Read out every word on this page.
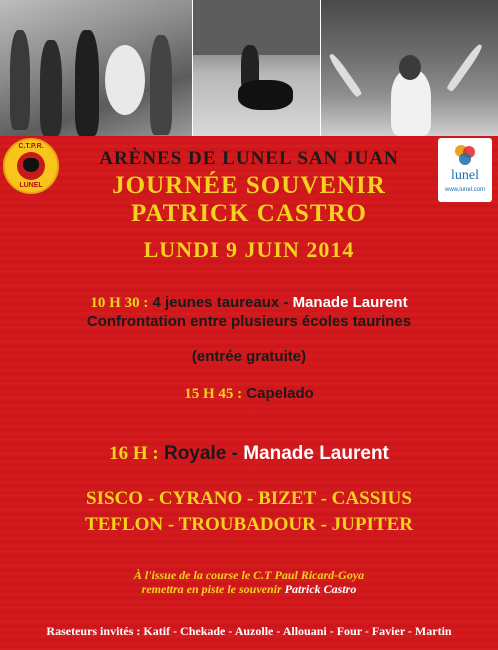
C.T.P.R.
LUNEL
lunel
www.lunel.com

ARÈNES DE LUNEL SAN JUAN

JOURNÉE SOUVENIR

PATRICK CASTRO

LUNDI 9 JUIN 2014

10 H 30 : 4 jeunes taureaux - Manade Laurent

Confrontation entre plusieurs écoles taurines

(entrée gratuite)

15 H 45 : Capelado

16 H : Royale - Manade Laurent

SISCO - CYRANO - BIZET - CASSIUS

TEFLON - TROUBADOUR - JUPITER

À l'issue de la course le C.T Paul Ricard-Goya

remettra en piste le souvenir Patrick Castro

Raseteurs invités : Katif - Chekade - Auzolle - Allouani - Four - Favier - Martin
